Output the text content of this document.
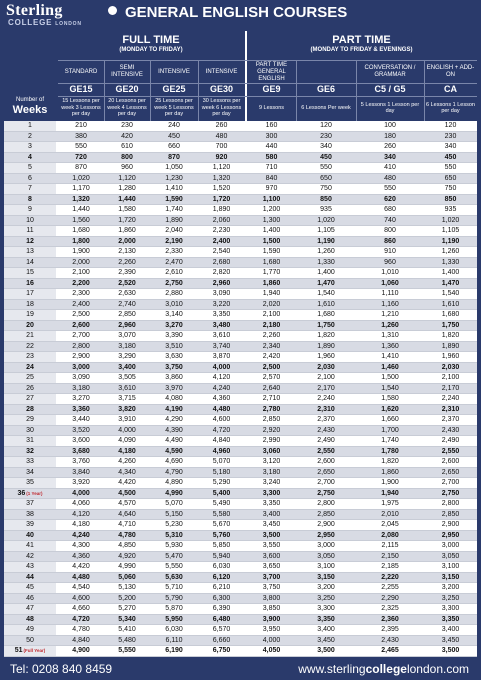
Sterling
COLLEGE LONDON
GENERAL ENGLISH COURSES
FULL TIME
(MONDAY TO FRIDAY)
PART TIME
(MONDAY TO FRIDAY & EVENINGS)
Number of
Weeks
STANDARD
GE15
15 Lessons per week 3 Lessons per day
SEMI INTENSIVE
GE20
20 Lessons per week 4 Lessons per day
INTENSIVE
GE25
25 Lessons per week 5 Lessons per day
INTENSIVE
GE30
30 Lessons per week 6 Lessons per day
PART TIME GENERAL ENGLISH
GE9
9 Lessons
GE6
6 Lessons Per week
CONVERSATION / GRAMMAR
C5 / G5
5 Lessons 1 Lesson per day
ENGLISH + ADD-ON
CA
6 Lessons 1 Lesson per day
1	210	230	240	260	160	120	100	120
2	380	420	450	480	300	230	180	230
3	550	610	660	700	440	340	260	340
4	720	800	870	920	580	450	340	450
5	870	960	1,050	1,120	710	550	410	550
6	1,020	1,120	1,230	1,320	840	650	480	650
7	1,170	1,280	1,410	1,520	970	750	550	750
8	1,320	1,440	1,590	1,720	1,100	850	620	850
9	1,440	1,580	1,740	1,890	1,200	935	680	935
10	1,560	1,720	1,890	2,060	1,300	1,020	740	1,020
11	1,680	1,860	2,040	2,230	1,400	1,105	800	1,105
12	1,800	2,000	2,190	2,400	1,500	1,190	860	1,190
13	1,900	2,130	2,330	2,540	1,590	1,260	910	1,260
14	2,000	2,260	2,470	2,680	1,680	1,330	960	1,330
15	2,100	2,390	2,610	2,820	1,770	1,400	1,010	1,400
16	2,200	2,520	2,750	2,960	1,860	1,470	1,060	1,470
17	2,300	2,630	2,880	3,090	1,940	1,540	1,110	1,540
18	2,400	2,740	3,010	3,220	2,020	1,610	1,160	1,610
19	2,500	2,850	3,140	3,350	2,100	1,680	1,210	1,680
20	2,600	2,960	3,270	3,480	2,180	1,750	1,260	1,750
21	2,700	3,070	3,390	3,610	2,260	1,820	1,310	1,820
22	2,800	3,180	3,510	3,740	2,340	1,890	1,360	1,890
23	2,900	3,290	3,630	3,870	2,420	1,960	1,410	1,960
24	3,000	3,400	3,750	4,000	2,500	2,030	1,460	2,030
25	3,090	3,505	3,860	4,120	2,570	2,100	1,500	2,100
26	3,180	3,610	3,970	4,240	2,640	2,170	1,540	2,170
27	3,270	3,715	4,080	4,360	2,710	2,240	1,580	2,240
28	3,360	3,820	4,190	4,480	2,780	2,310	1,620	2,310
29	3,440	3,910	4,290	4,600	2,850	2,370	1,660	2,370
30	3,520	4,000	4,390	4,720	2,920	2,430	1,700	2,430
31	3,600	4,090	4,490	4,840	2,990	2,490	1,740	2,490
32	3,680	4,180	4,590	4,960	3,060	2,550	1,780	2,550
33	3,760	4,260	4,690	5,070	3,120	2,600	1,820	2,600
34	3,840	4,340	4,790	5,180	3,180	2,650	1,860	2,650
35	3,920	4,420	4,890	5,290	3,240	2,700	1,900	2,700
36(1 Year)	4,000	4,500	4,990	5,400	3,300	2,750	1,940	2,750
37	4,060	4,570	5,070	5,490	3,350	2,800	1,975	2,800
38	4,120	4,640	5,150	5,580	3,400	2,850	2,010	2,850
39	4,180	4,710	5,230	5,670	3,450	2,900	2,045	2,900
40	4,240	4,780	5,310	5,760	3,500	2,950	2,080	2,950
41	4,300	4,850	5,930	5,850	3,550	3,000	2,115	3,000
42	4,360	4,920	5,470	5,940	3,600	3,050	2,150	3,050
43	4,420	4,990	5,550	6,030	3,650	3,100	2,185	3,100
44	4,480	5,060	5,630	6,120	3,700	3,150	2,220	3,150
45	4,540	5,130	5,710	6,210	3,750	3,200	2,255	3,200
46	4,600	5,200	5,790	6,300	3,800	3,250	2,290	3,250
47	4,660	5,270	5,870	6,390	3,850	3,300	2,325	3,300
48	4,720	5,340	5,950	6,480	3,900	3,350	2,360	3,350
49	4,780	5,410	6,030	6,570	3,950	3,400	2,395	3,400
50	4,840	5,480	6,110	6,660	4,000	3,450	2,430	3,450
51(Full Year)	4,900	5,550	6,190	6,750	4,050	3,500	2,465	3,500
Tel: 0208 840 8459	www.sterlingcollegelondon.com
